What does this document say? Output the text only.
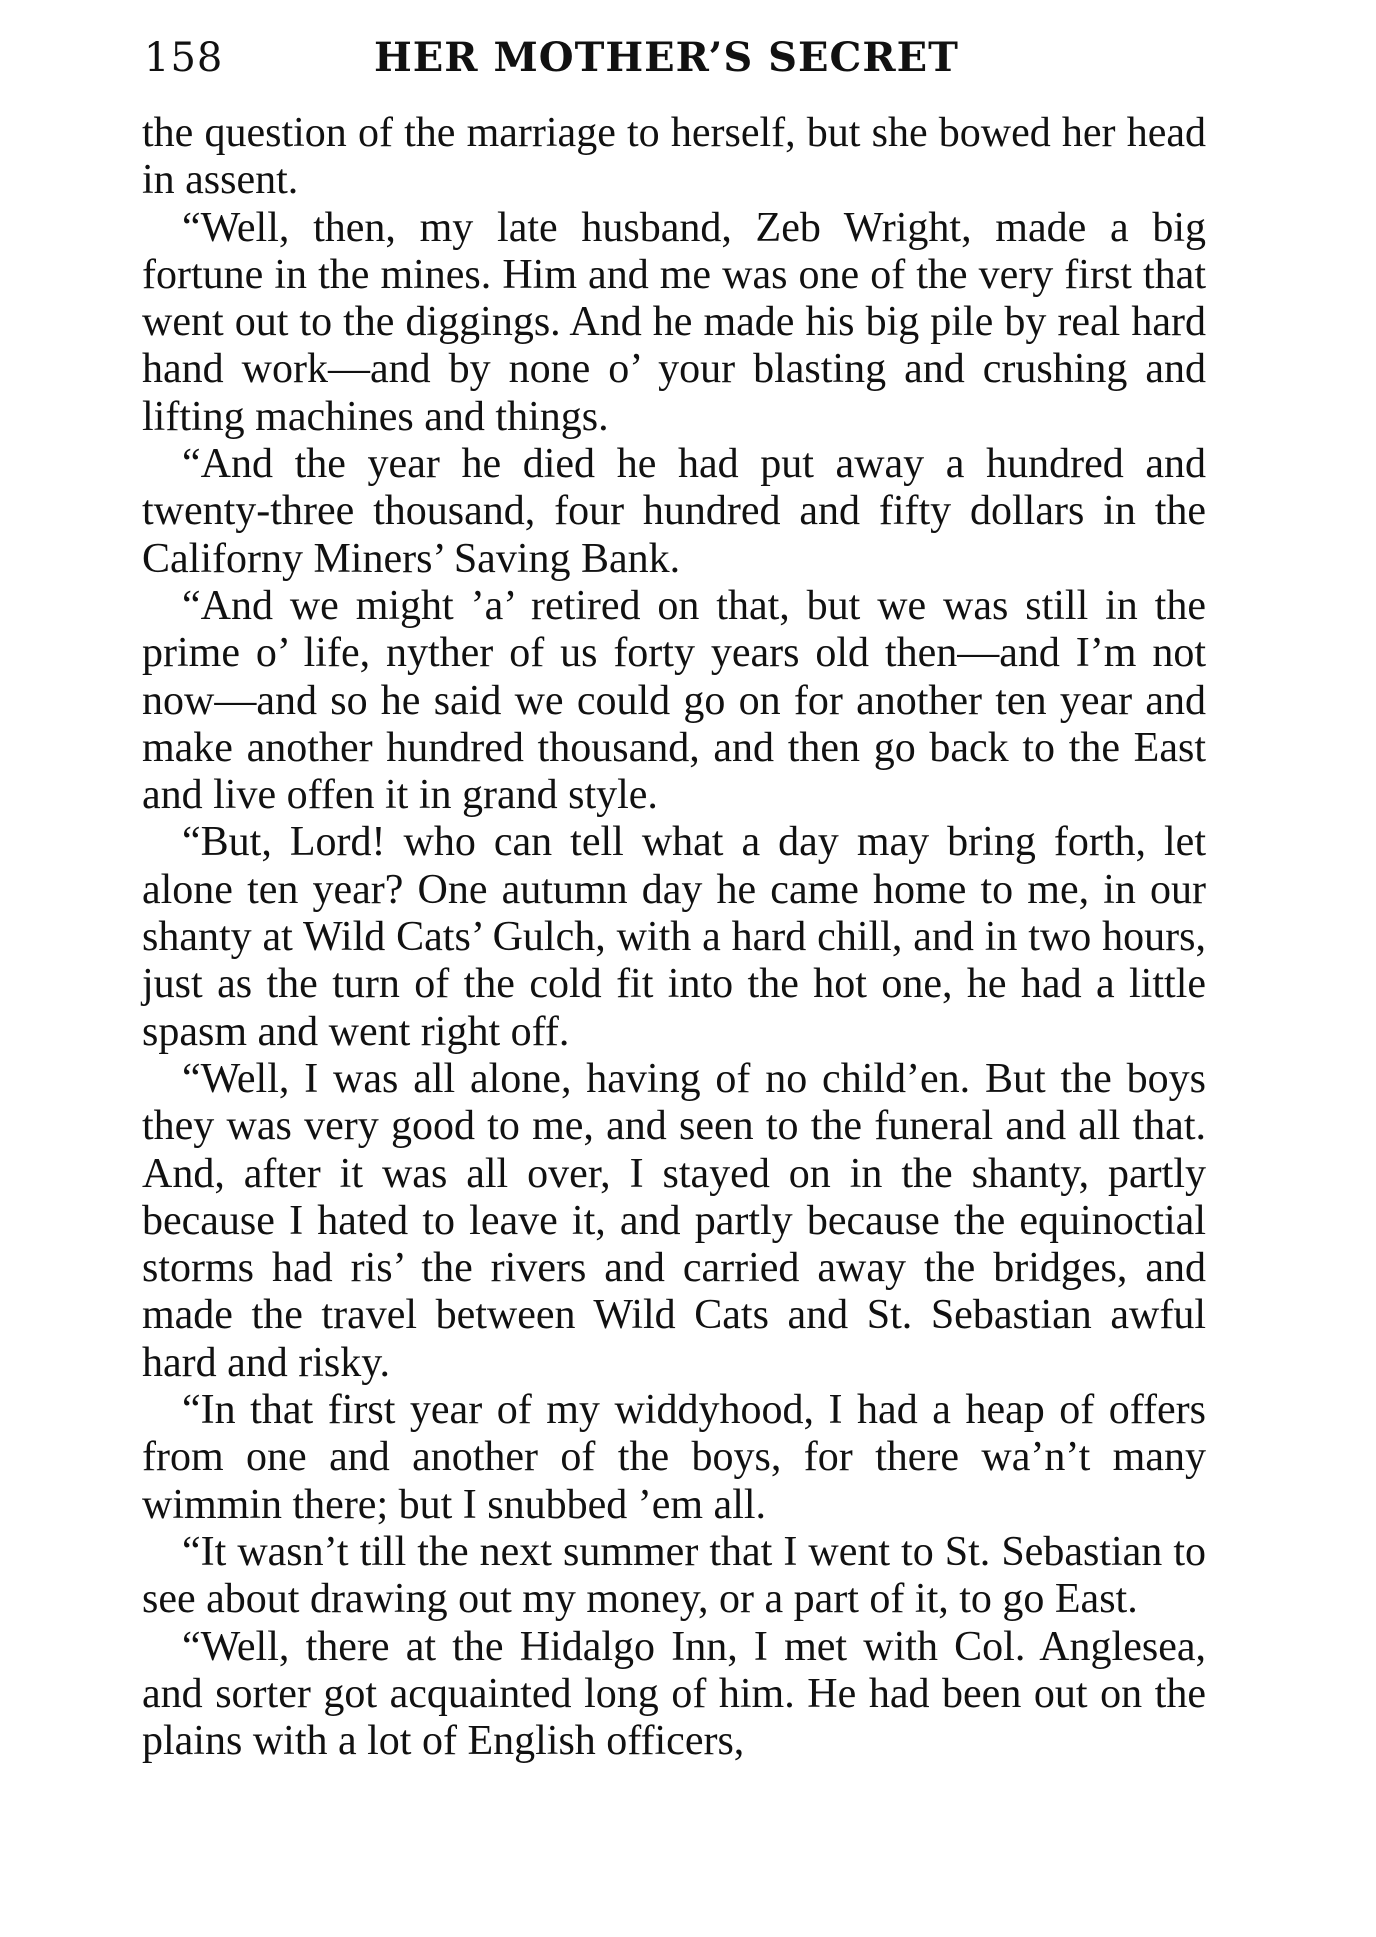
158	HER MOTHER’S SECRET

the question of the marriage to herself, but she bowed her head in assent.

“Well, then, my late husband, Zeb Wright, made a big fortune in the mines. Him and me was one of the very first that went out to the diggings. And he made his big pile by real hard hand work—and by none o’ your blasting and crushing and lifting machines and things.

“And the year he died he had put away a hundred and twenty-three thousand, four hundred and fifty dollars in the Californy Miners’ Saving Bank.

“And we might ’a’ retired on that, but we was still in the prime o’ life, nyther of us forty years old then—and I’m not now—and so he said we could go on for another ten year and make another hundred thousand, and then go back to the East and live offen it in grand style.

“But, Lord! who can tell what a day may bring forth, let alone ten year? One autumn day he came home to me, in our shanty at Wild Cats’ Gulch, with a hard chill, and in two hours, just as the turn of the cold fit into the hot one, he had a little spasm and went right off.

“Well, I was all alone, having of no child’en. But the boys they was very good to me, and seen to the funeral and all that. And, after it was all over, I stayed on in the shanty, partly because I hated to leave it, and partly because the equinoctial storms had ris’ the rivers and carried away the bridges, and made the travel between Wild Cats and St. Sebastian awful hard and risky.

“In that first year of my widdyhood, I had a heap of offers from one and another of the boys, for there wa’n’t many wimmin there; but I snubbed ’em all.

“It wasn’t till the next summer that I went to St. Sebastian to see about drawing out my money, or a part of it, to go East.

“Well, there at the Hidalgo Inn, I met with Col. Anglesea, and sorter got acquainted long of him. He had been out on the plains with a lot of English officers,
